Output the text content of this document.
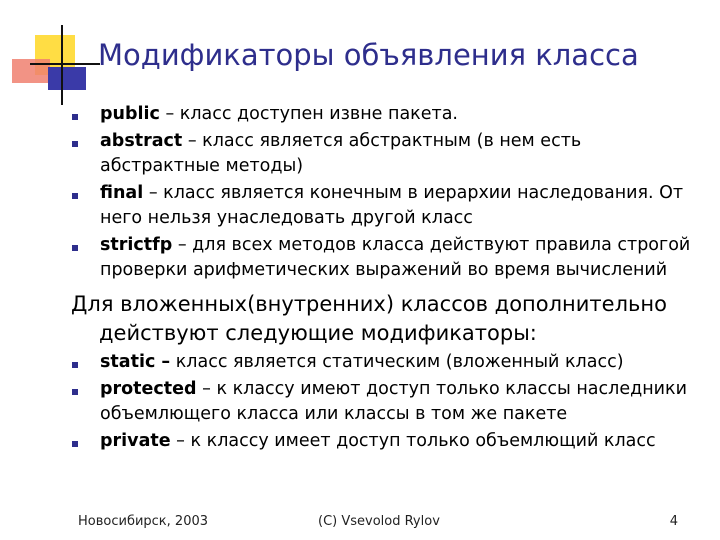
Модификаторы объявления класса
public – класс доступен извне пакета.
abstract – класс является абстрактным (в нем есть абстрактные методы)
final – класс является конечным в иерархии наследования. От него нельзя унаследовать другой класс
strictfp – для всех методов класса действуют правила строгой проверки арифметических выражений во время вычислений
Для вложенных(внутренних) классов дополнительно
действуют следующие модификаторы:
static – класс является статическим (вложенный класс)
protected – к классу имеют доступ только классы наследники объемлющего класса или классы в том же пакете
private – к классу имеет доступ только объемлющий класс
Новосибирск, 2003	(C) Vsevolod Rylov	4
